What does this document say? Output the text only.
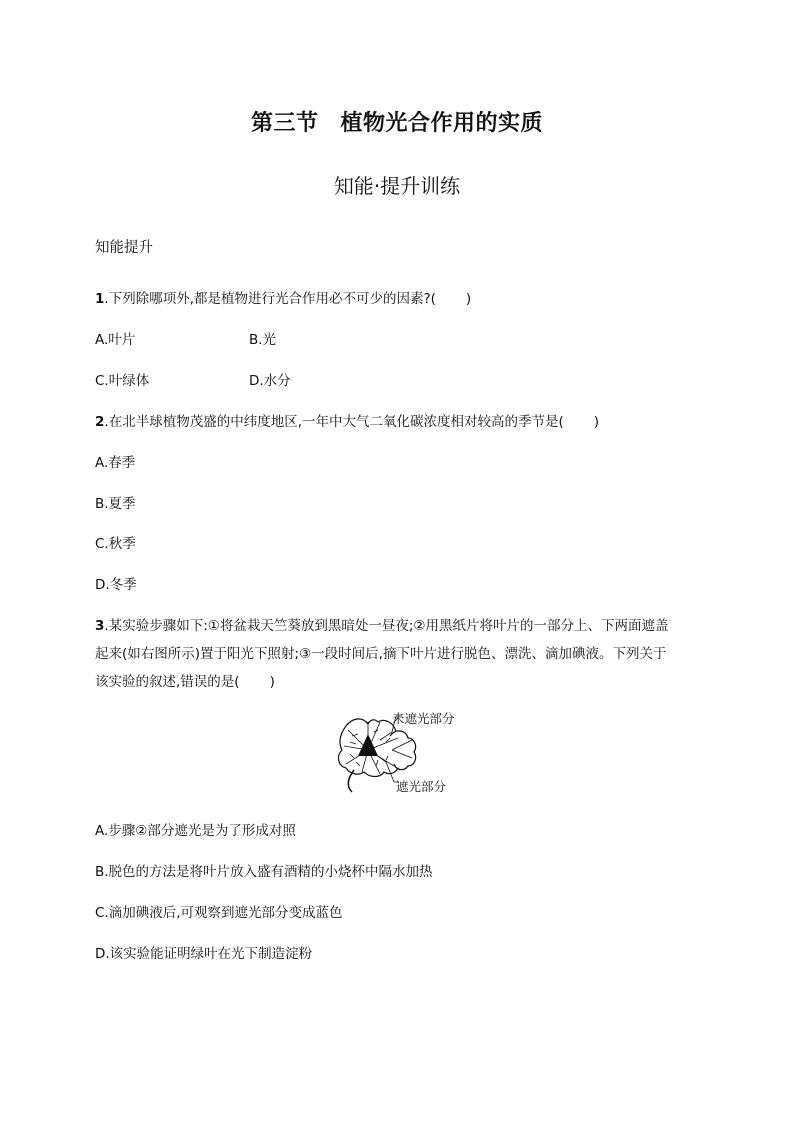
第三节 植物光合作用的实质
知能·提升训练
知能提升
1.下列除哪项外,都是植物进行光合作用必不可少的因素?( )
A.叶片	B.光
C.叶绿体	D.水分
2.在北半球植物茂盛的中纬度地区,一年中大气二氧化碳浓度相对较高的季节是( )
A.春季
B.夏季
C.秋季
D.冬季
3.某实验步骤如下:①将盆栽天竺葵放到黑暗处一昼夜;②用黑纸片将叶片的一部分上、下两面遮盖
起来(如右图所示)置于阳光下照射;③一段时间后,摘下叶片进行脱色、漂洗、滴加碘液。下列关于
该实验的叙述,错误的是( )
未遮光部分
遮光部分
A.步骤②部分遮光是为了形成对照
B.脱色的方法是将叶片放入盛有酒精的小烧杯中隔水加热
C.滴加碘液后,可观察到遮光部分变成蓝色
D.该实验能证明绿叶在光下制造淀粉
